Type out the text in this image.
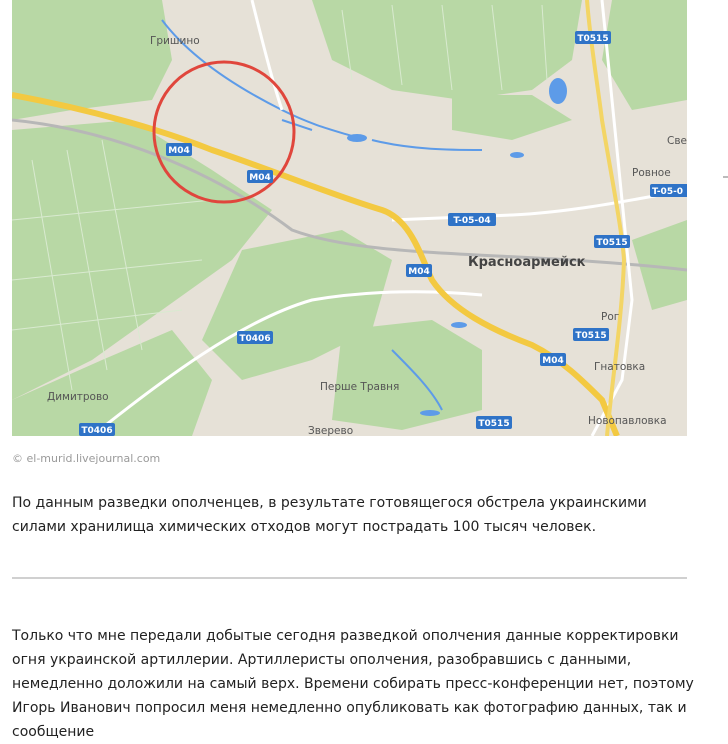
Гришино
Красноармейск
Димитрово
Перше Травня
Зверево
Ровное
Све
Рог
Гнатовка
Новопавловка
M04
M04
M04
M04
T0515
T0515
T0515
T0515
T-05-04
T-05-0
T0406
T0406
© el-murid.livejournal.com
По данным разведки ополченцев, в результате готовящегося обстрела украинскими силами хранилища химических отходов могут пострадать 100 тысяч человек.
Только что мне передали добытые сегодня разведкой ополчения данные корректировки огня украинской артиллерии. Артиллеристы ополчения, разобравшись с данными, немедленно доложили на самый верх. Времени собирать пресс-конференции нет, поэтому Игорь Иванович попросил меня немедленно опубликовать как фотографию данных, так и сообщение
